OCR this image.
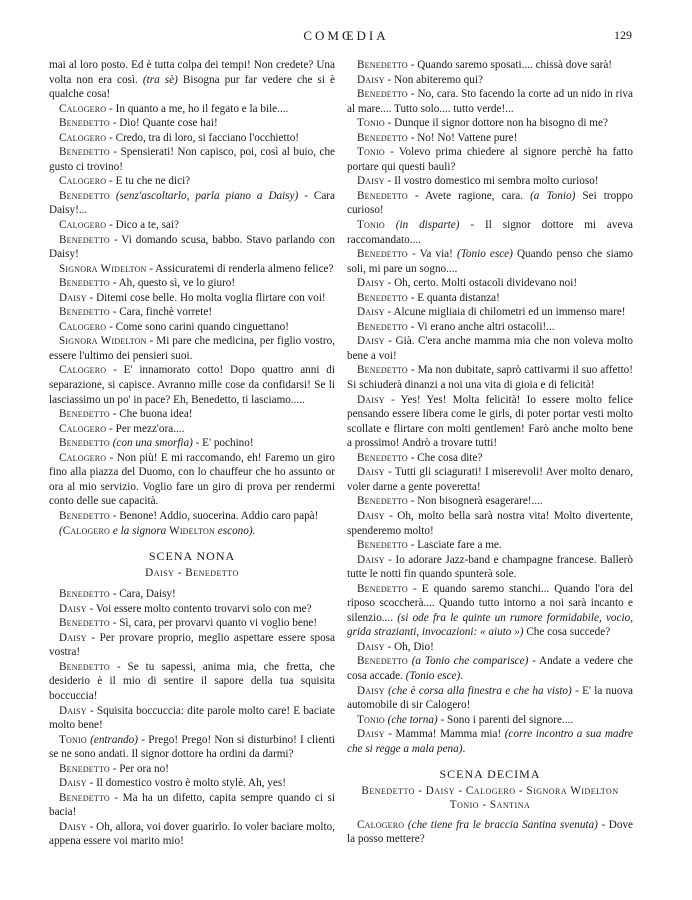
COMŒDIA	129

mai al loro posto. Ed è tutta colpa dei tempi! Non credete? Una volta non era così. (tra sè) Bisogna pur far vedere che si è qualche cosa!

Calogero - In quanto a me, ho il fegato e la bile....

Benedetto - Dio! Quante cose hai!

Calogero - Credo, tra di loro, si facciano l'occhietto!

Benedetto - Spensierati! Non capisco, poi, così al buio, che gusto ci trovino!

Calogero - E tu che ne dici?

Benedetto (senz'ascoltarlo, parla piano a Daisy) - Cara Daisy!...

Calogero - Dico a te, sai?

Benedetto - Vi domando scusa, babbo. Stavo parlando con Daisy!

Signora Widelton - Assicuratemi di renderla almeno felice?

Benedetto - Ah, questo sì, ve lo giuro!

Daisy - Ditemi cose belle. Ho molta voglia flirtare con voi!

Benedetto - Cara, finchè vorrete!

Calogero - Come sono carini quando cinguettano!

Signora Widelton - Mi pare che medicina, per figlio vostro, essere l'ultimo dei pensieri suoi.

Calogero - E' innamorato cotto! Dopo quattro anni di separazione, si capisce. Avranno mille cose da confidarsi! Se li lasciassimo un po' in pace? Eh, Benedetto, ti lasciamo.....

Benedetto - Che buona idea!

Calogero - Per mezz'ora....

Benedetto (con una smorfia) - E' pochino!

Calogero - Non più! E mi raccomando, eh! Faremo un giro fino alla piazza del Duomo, con lo chauffeur che ho assunto or ora al mio servizio. Voglio fare un giro di prova per rendermi conto delle sue capacità.

Benedetto - Benone! Addio, suocerina. Addio caro papà!

(Calogero e la signora Widelton escono).

SCENA NONA
Daisy - Benedetto

Benedetto - Cara, Daisy!

Daisy - Voi essere molto contento trovarvi solo con me?

Benedetto - Sì, cara, per provarvi quanto vi voglio bene!

Daisy - Per provare proprio, meglio aspettare essere sposa vostra!

Benedetto - Se tu sapessi, anima mia, che fretta, che desiderio è il mio di sentire il sapore della tua squisita boccuccia!

Daisy - Squisita boccuccia: dite parole molto care! E baciate molto bene!

Tonio (entrando) - Prego! Prego! Non si disturbino! I clienti se ne sono andati. Il signor dottore ha ordini da darmi?

Benedetto - Per ora no!

Daisy - Il domestico vostro è molto stylè. Ah, yes!

Benedetto - Ma ha un difetto, capita sempre quando ci si bacia!

Daisy - Oh, allora, voi dover guarirlo. Io voler baciare molto, appena essere voi marito mio!

Benedetto - Quando saremo sposati.... chissà dove sarà!

Daisy - Non abiteremo qui?

Benedetto - No, cara. Sto facendo la corte ad un nido in riva al mare.... Tutto solo.... tutto verde!...

Tonio - Dunque il signor dottore non ha bisogno di me?

Benedetto - No! No! Vattene pure!

Tonio - Volevo prima chiedere al signore perchè ha fatto portare qui questi bauli?

Daisy - Il vostro domestico mi sembra molto curioso!

Benedetto - Avete ragione, cara. (a Tonio) Sei troppo curioso!

Tonio (in disparte) - Il signor dottore mi aveva raccomandato....

Benedetto - Va via! (Tonio esce) Quando penso che siamo soli, mi pare un sogno....

Daisy - Oh, certo. Molti ostacoli dividevano noi!

Benedetto - E quanta distanza!

Daisy - Alcune migliaia di chilometri ed un immenso mare!

Benedetto - Vi erano anche altri ostacoli!...

Daisy - Già. C'era anche mamma mia che non voleva molto bene a voi!

Benedetto - Ma non dubitate, saprò cattivarmi il suo affetto! Si schiuderà dinanzi a noi una vita di gioia e di felicità!

Daisy - Yes! Yes! Molta felicità! Io essere molto felice pensando essere libera come le girls, di poter portar vesti molto scollate e flirtare con molti gentlemen! Farò anche molto bene a prossimo! Andrò a trovare tutti!

Benedetto - Che cosa dite?

Daisy - Tutti gli sciagurati! I miserevoli! Aver molto denaro, voler darne a gente poveretta!

Benedetto - Non bisognerà esagerare!....

Daisy - Oh, molto bella sarà nostra vita! Molto divertente, spenderemo molto!

Benedetto - Lasciate fare a me.

Daisy - Io adorare Jazz-band e champagne francese. Ballerò tutte le notti fin quando spunterà sole.

Benedetto - E quando saremo stanchi... Quando l'ora del riposo scoccherà.... Quando tutto intorno a noi sarà incanto e silenzio.... (si ode fra le quinte un rumore formidabile, vocio, grida strazianti, invocazioni: « aiuto ») Che cosa succede?

Daisy - Oh, Dio!

Benedetto (a Tonio che comparisce) - Andate a vedere che cosa accade. (Tonio esce).

Daisy (che è corsa alla finestra e che ha visto) - E' la nuova automobile di sir Calogero!

Tonio (che torna) - Sono i parenti del signore....

Daisy - Mamma! Mamma mia! (corre incontro a sua madre che si regge a mala pena).

SCENA DECIMA
Benedetto - Daisy - Calogero - Signora Widelton
Tonio - Santina

Calogero (che tiene fra le braccia Santina svenuta) - Dove la posso mettere?
